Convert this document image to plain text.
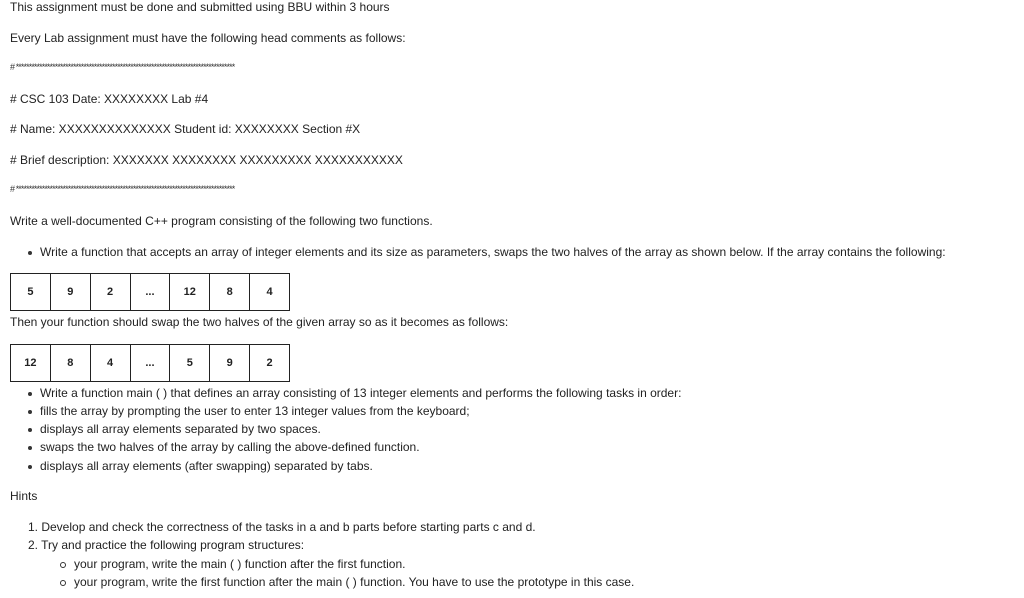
This assignment must be done and submitted using BBU within 3 hours
Every Lab assignment must have the following head comments as follows:
# ************************************************************************************
# CSC 103 Date: XXXXXXXX Lab #4
# Name: XXXXXXXXXXXXXX Student id: XXXXXXXX Section #X
# Brief description: XXXXXXX XXXXXXXX XXXXXXXXX XXXXXXXXXXX
# ************************************************************************************
Write a well-documented C++ program consisting of the following two functions.
Write a function that accepts an array of integer elements and its size as parameters, swaps the two halves of the array as shown below. If the array contains the following:
5	9	2	...	12	8	4
Then your function should swap the two halves of the given array so as it becomes as follows:
12	8	4	...	5	9	2
Write a function main ( ) that defines an array consisting of 13 integer elements and performs the following tasks in order:
fills the array by prompting the user to enter 13 integer values from the keyboard;
displays all array elements separated by two spaces.
swaps the two halves of the array by calling the above-defined function.
displays all array elements (after swapping) separated by tabs.
Hints
1. Develop and check the correctness of the tasks in a and b parts before starting parts c and d.
2. Try and practice the following program structures:
your program, write the main ( ) function after the first function.
your program, write the first function after the main ( ) function. You have to use the prototype in this case.
